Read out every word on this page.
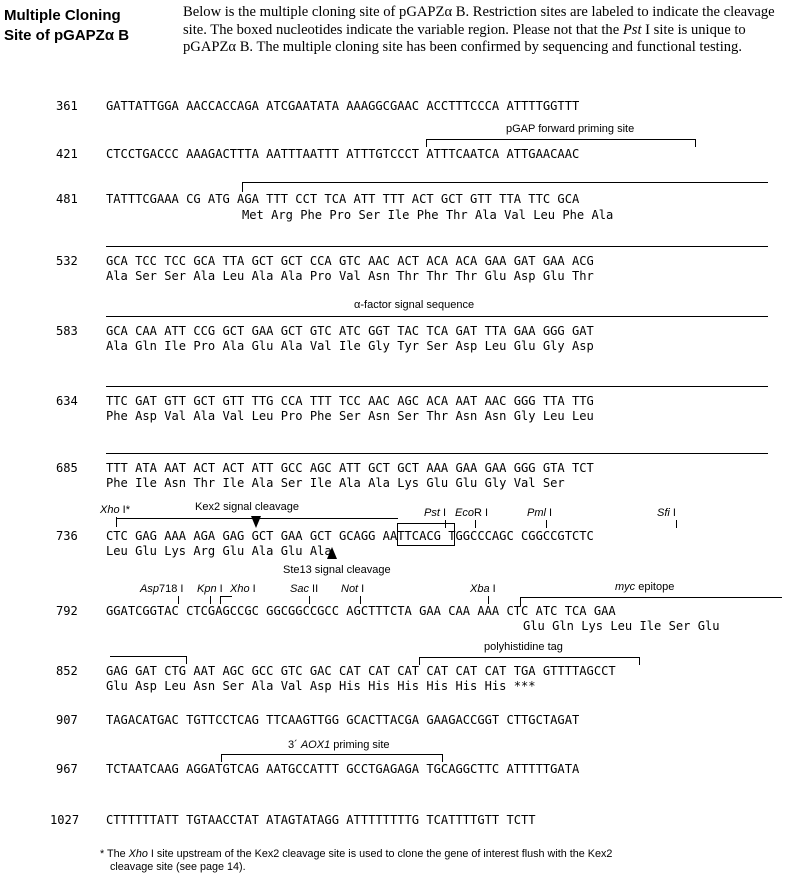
Multiple Cloning
Site of pGAPZα B
Below is the multiple cloning site of pGAPZα B. Restriction sites are labeled to indicate the cleavage site. The boxed nucleotides indicate the variable region. Please not that the Pst I site is unique to pGAPZα B. The multiple cloning site has been confirmed by sequencing and functional testing.
361 GATTATTGGA AACCACCAGA ATCGAATATA AAAGGCGAAC ACCTTTCCCA ATTTTGGTTT
421 CTCCTGACCC AAAGACTTTA AATTTAATTT ATTTGTCCCT ATTTCAATCA ATTGAACAAC
481 TATTTCGAAA CG ATG AGA TTT CCT TCA ATT TTT ACT GCT GTT TTA TTC GCA
Met Arg Phe Pro Ser Ile Phe Thr Ala Val Leu Phe Ala
532 GCA TCC TCC GCA TTA GCT GCT CCA GTC AAC ACT ACA ACA GAA GAT GAA ACG
Ala Ser Ser Ala Leu Ala Ala Pro Val Asn Thr Thr Thr Glu Asp Glu Thr
583 GCA CAA ATT CCG GCT GAA GCT GTC ATC GGT TAC TCA GAT TTA GAA GGG GAT
Ala Gln Ile Pro Ala Glu Ala Val Ile Gly Tyr Ser Asp Leu Glu Gly Asp
634 TTC GAT GTT GCT GTT TTG CCA TTT TCC AAC AGC ACA AAT AAC GGG TTA TTG
Phe Asp Val Ala Val Leu Pro Phe Ser Asn Ser Thr Asn Asn Gly Leu Leu
685 TTT ATA AAT ACT ACT ATT GCC AGC ATT GCT GCT AAA GAA GAA GGG GTA TCT
Phe Ile Asn Thr Ile Ala Ser Ile Ala Ala Lys Glu Glu Gly Val Ser
736 CTC GAG AAA AGA GAG GCT GAA GCT GCAGG AATTCACG TGGCCCAGC CGGCCGTCTC
Leu Glu Lys Arg Glu Ala Glu Ala
792 GGATCGGTAC CTCGAGCCGC GGCGGCCGCC AGCTTTCTA GAA CAA AAA CTC ATC TCA GAA
Glu Gln Lys Leu Ile Ser Glu
852 GAG GAT CTG AAT AGC GCC GTC GAC CAT CAT CAT CAT CAT CAT TGA GTTTTAGCCT
Glu Asp Leu Asn Ser Ala Val Asp His His His His His His ***
907 TAGACATGAC TGTTCCTCAG TTCAAGTTGG GCACTTACGA GAAGACCGGT CTTGCTAGAT
967 TCTAATCAAG AGGATGTCAG AATGCCATTT GCCTGAGAGA TGCAGGCTTC ATTTTTGATA
1027 CTTTTTTATT TGTAACCTAT ATAGTATAGG ATTTTTTTTG TCATTTTGTT TCTT
pGAP forward priming site
α-factor signal sequence
Xho I*	Kex2 signal cleavage	Pst I EcoR I	Pml I	Sfi I
Ste13 signal cleavage
Asp718 I Kpn I Xho I	Sac II Not I	Xba I	myc epitope
polyhistidine tag
3´ AOX1 priming site
* The Xho I site upstream of the Kex2 cleavage site is used to clone the gene of interest flush with the Kex2
cleavage site (see page 14).
